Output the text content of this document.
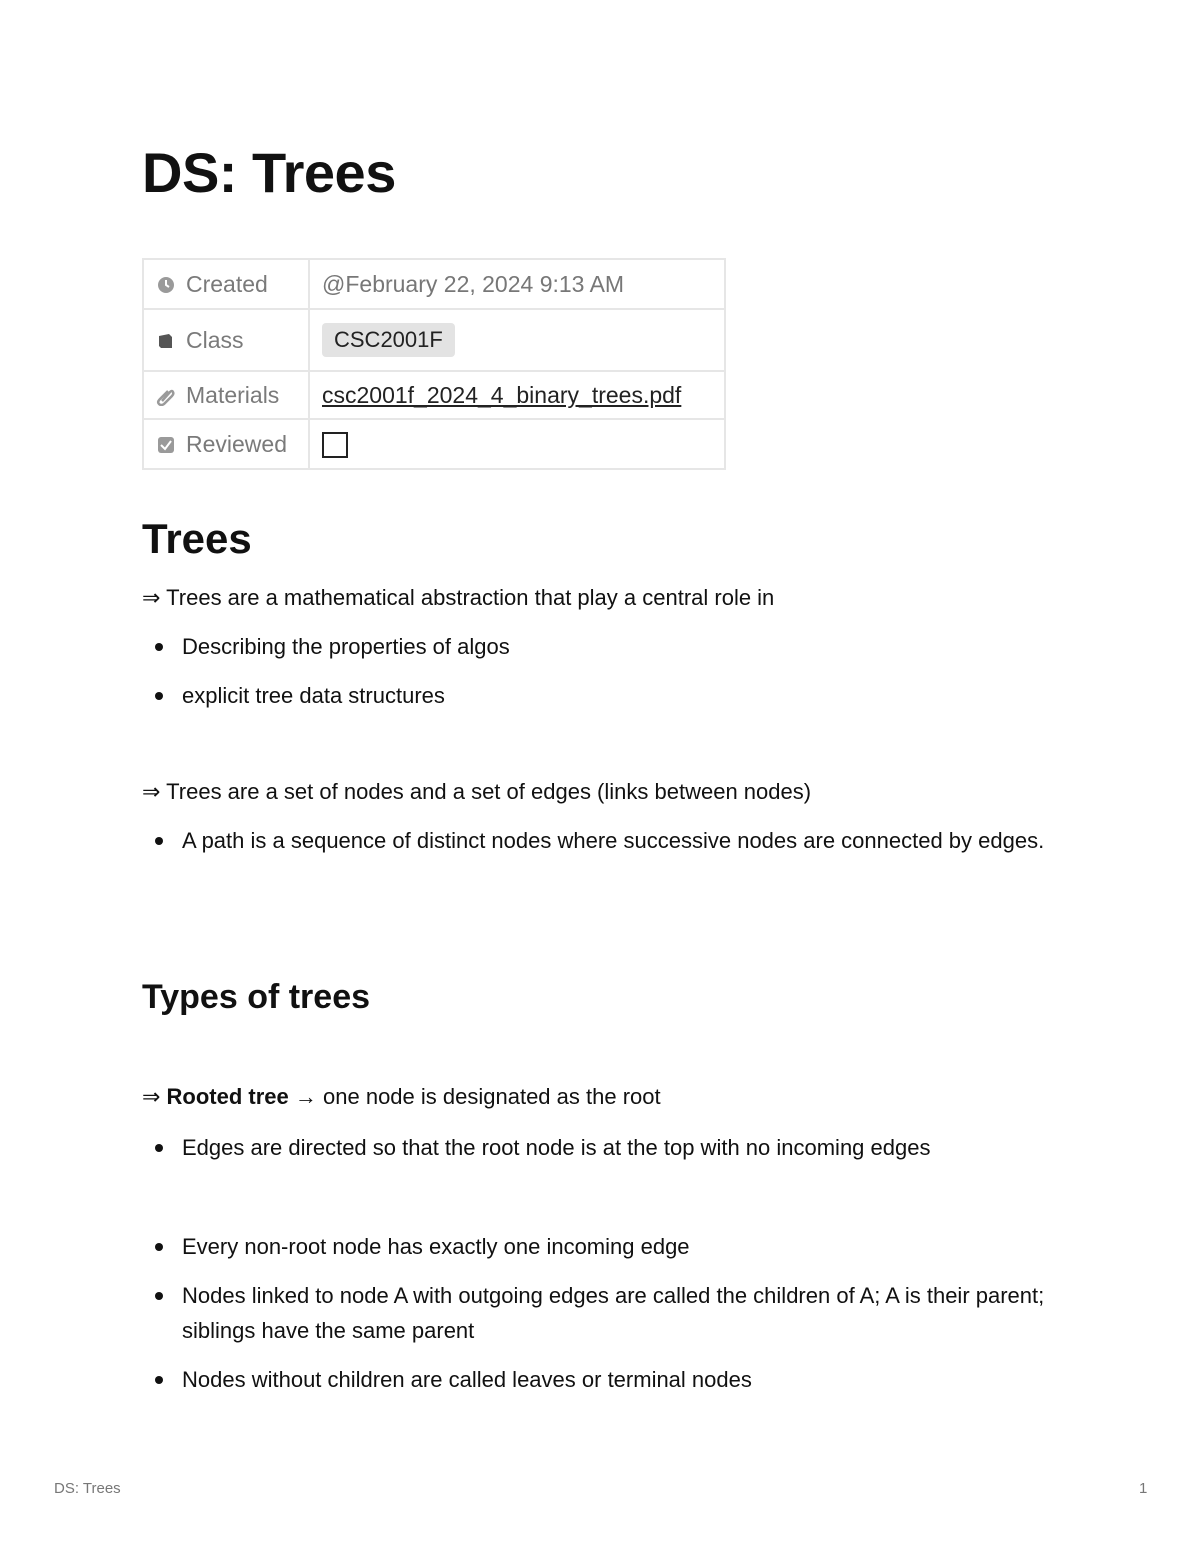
DS: Trees
Created	@February 22, 2024 9:13 AM
Class	CSC2001F
Materials	csc2001f_2024_4_binary_trees.pdf
Reviewed	
Trees
⇒ Trees are a mathematical abstraction that play a central role in
Describing the properties of algos
explicit tree data structures
⇒ Trees are a set of nodes and a set of edges (links between nodes)
A path is a sequence of distinct nodes where successive nodes are connected by edges.
Types of trees
⇒ Rooted tree → one node is designated as the root
Edges are directed so that the root node is at the top with no incoming edges
Every non-root node has exactly one incoming edge
Nodes linked to node A with outgoing edges are called the children of A; A is their parent; siblings have the same parent
Nodes without children are called leaves or terminal nodes
DS: Trees	1
